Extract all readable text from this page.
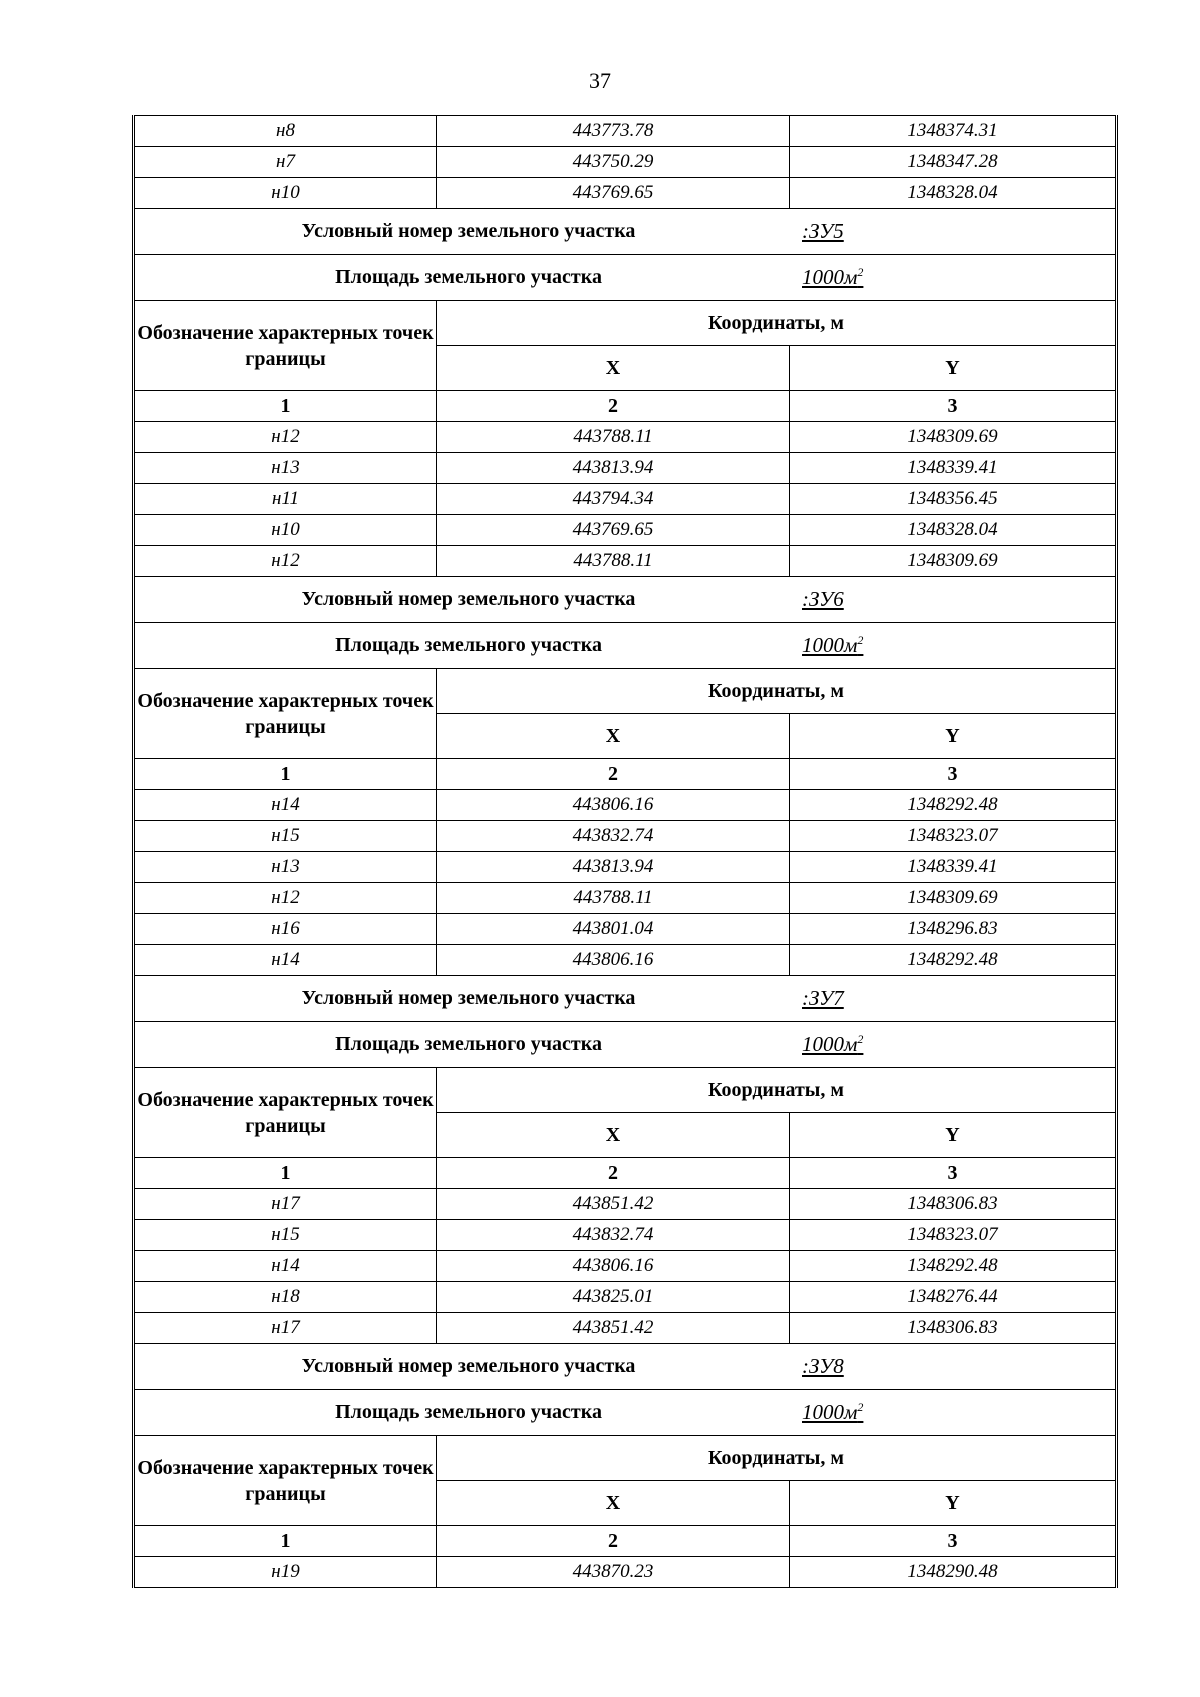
37
н8	443773.78	1348374.31
н7	443750.29	1348347.28
н10	443769.65	1348328.04

Условный номер земельного участка :ЗУ5		

Площадь земельного участка $1000м^2$

Обозначение характерных точек границы	Координаты, м	
	X	Y
1	2	3
н12	443788.11	1348309.69
н13	443813.94	1348339.41
н11	443794.34	1348356.45
н10	443769.65	1348328.04
н12	443788.11	1348309.69

Условный номер земельного участка :ЗУ6		

Площадь земельного участка $1000м^2$

Обозначение характерных точек границы	Координаты, м	
	X	Y
1	2	3
н14	443806.16	1348292.48
н15	443832.74	1348323.07
н13	443813.94	1348339.41
н12	443788.11	1348309.69
н16	443801.04	1348296.83
н14	443806.16	1348292.48

Условный номер земельного участка :ЗУ7		

Площадь земельного участка $1000м^2$

Обозначение характерных точек границы	Координаты, м	
	X	Y
1	2	3
н17	443851.42	1348306.83
н15	443832.74	1348323.07
н14	443806.16	1348292.48
н18	443825.01	1348276.44
н17	443851.42	1348306.83

Условный номер земельного участка :ЗУ8		

Площадь земельного участка $1000м^2$

Обозначение характерных точек границы	Координаты, м	
	X	Y
1	2	3
н19	443870.23	1348290.48
